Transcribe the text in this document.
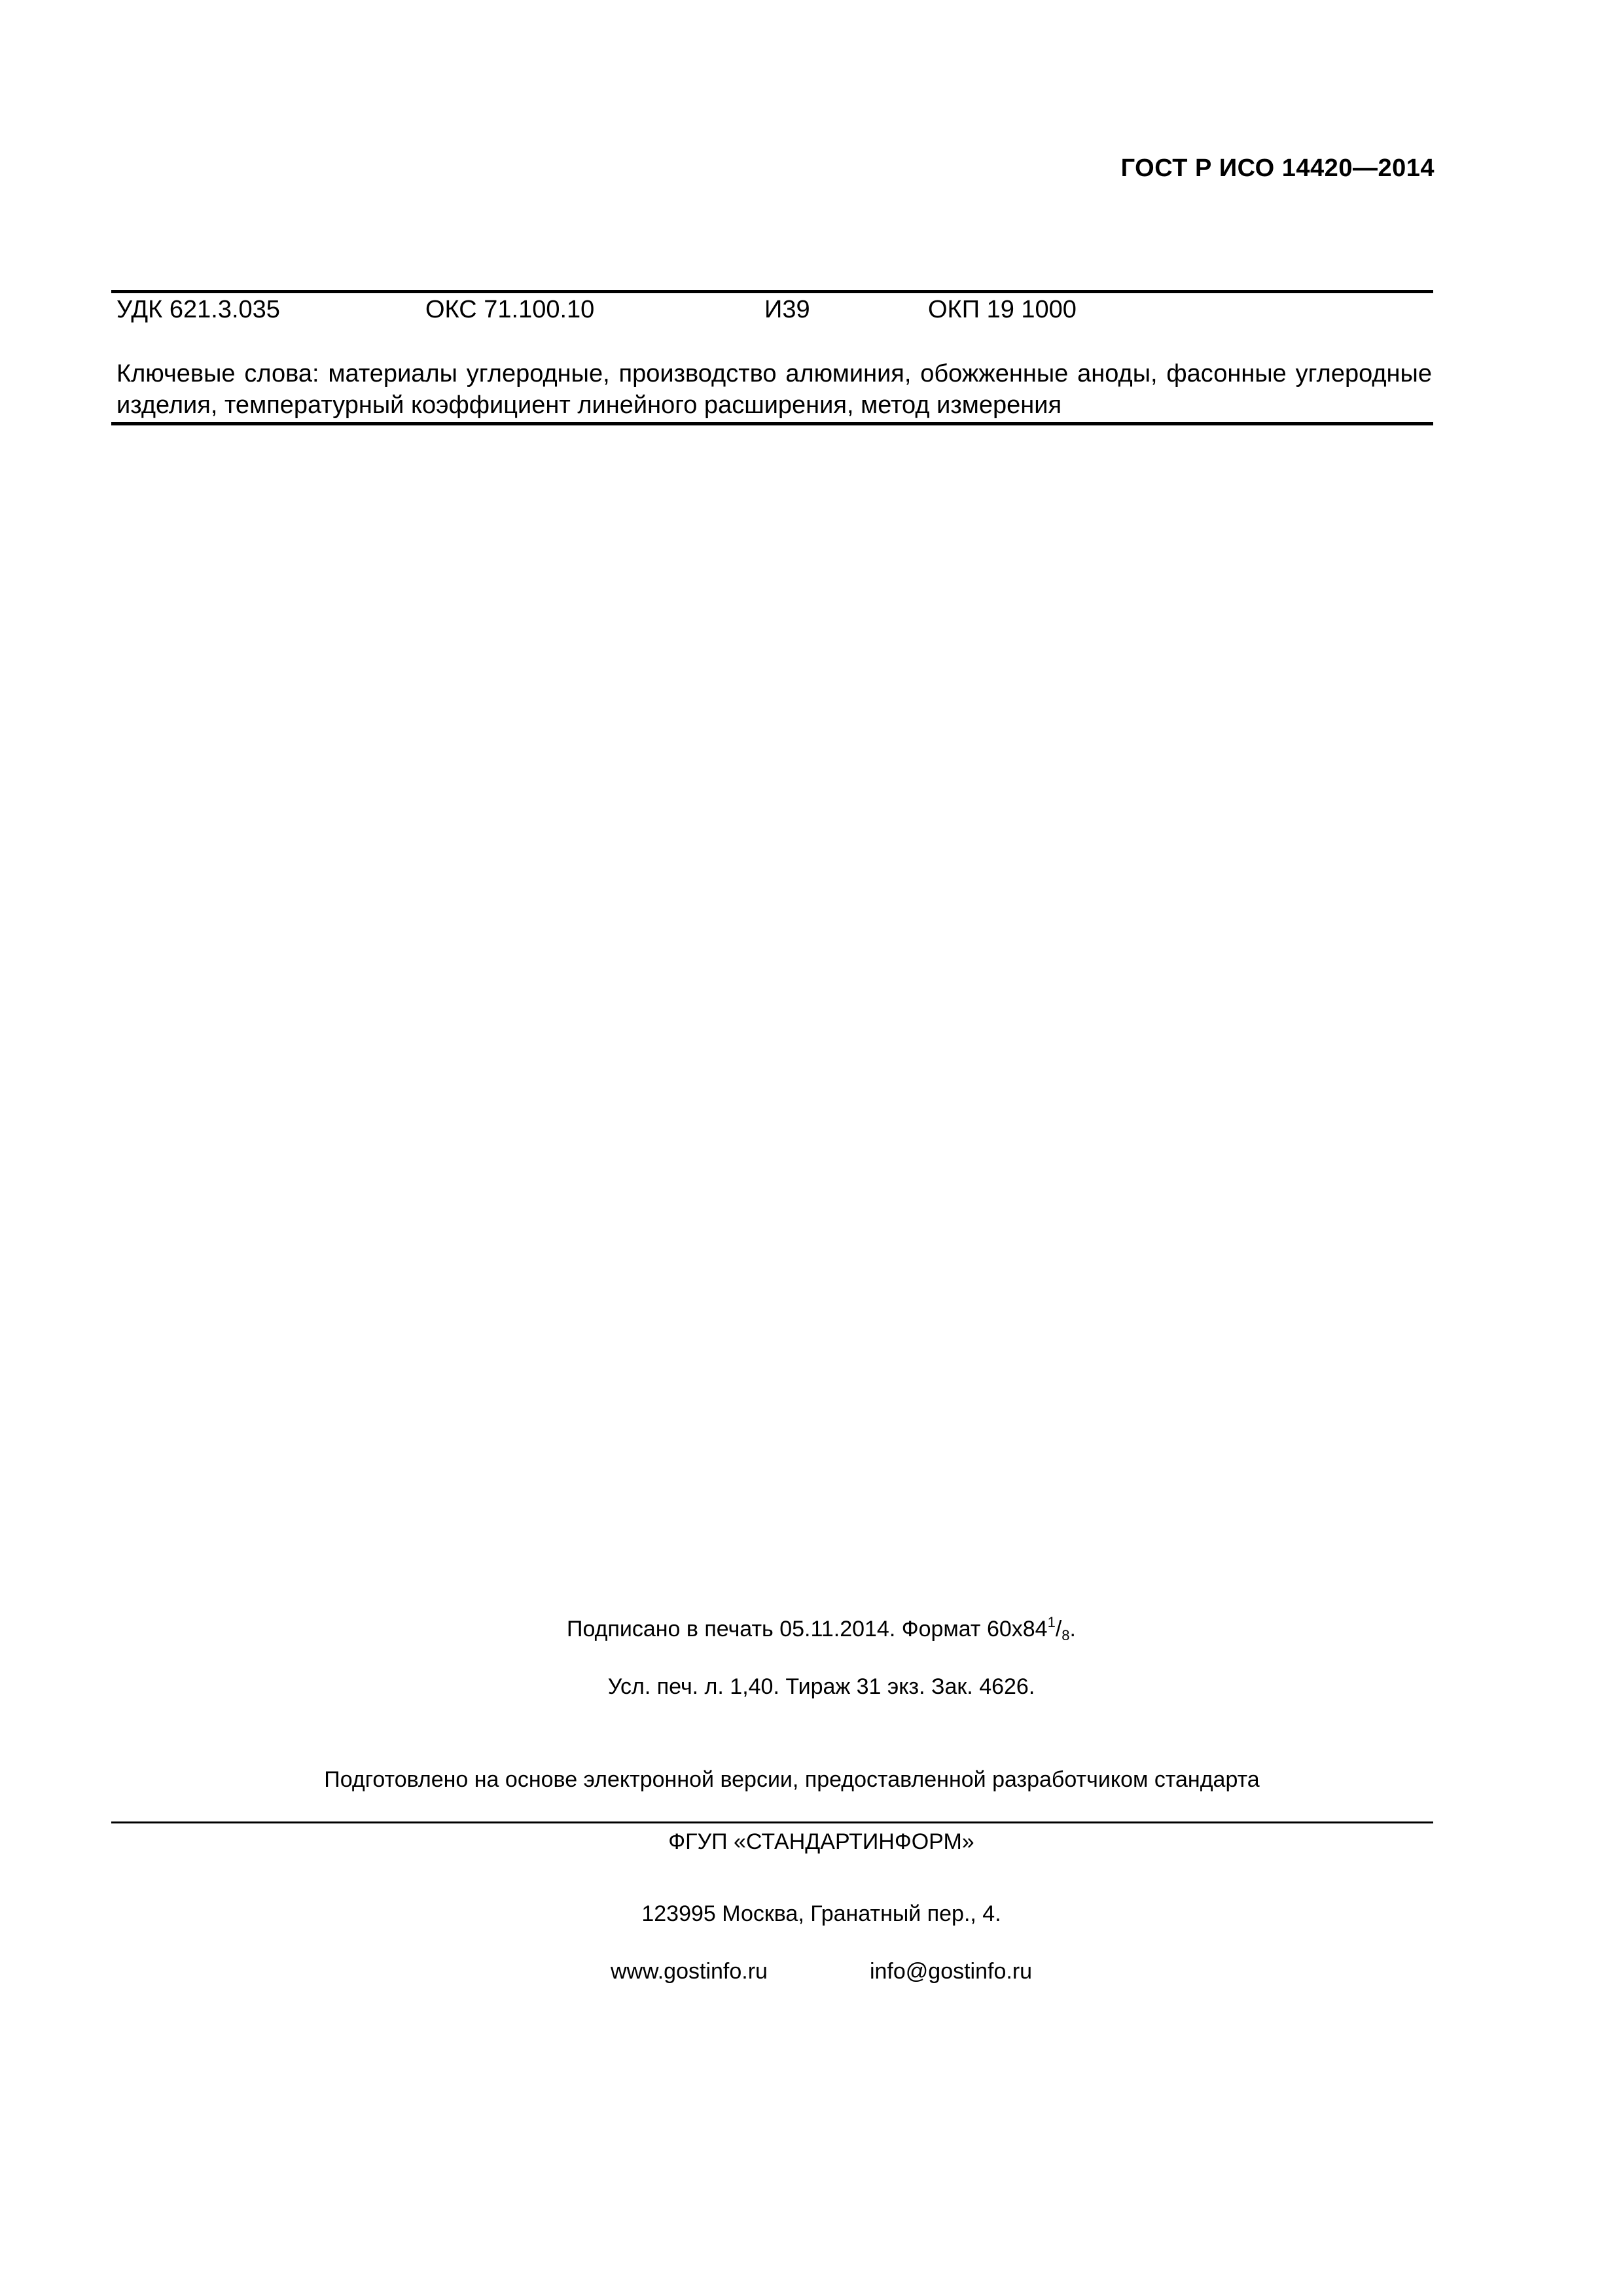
ГОСТ Р ИСО 14420—2014
УДК 621.3.035	ОКС 71.100.10	И39	ОКП 19 1000
Ключевые слова: материалы углеродные, производство алюминия, обожженные аноды, фасонные углеродные изделия, температурный коэффициент линейного расширения, метод измерения
Подписано в печать 05.11.2014. Формат $60х84^1/_8$.
Усл. печ. л. 1,40. Тираж 31 экз. Зак. 4626.
Подготовлено на основе электронной версии, предоставленной разработчиком стандарта
ФГУП «СТАНДАРТИНФОРМ»
123995 Москва, Гранатный пер., 4.
www.gostinfo.ru	info@gostinfo.ru
